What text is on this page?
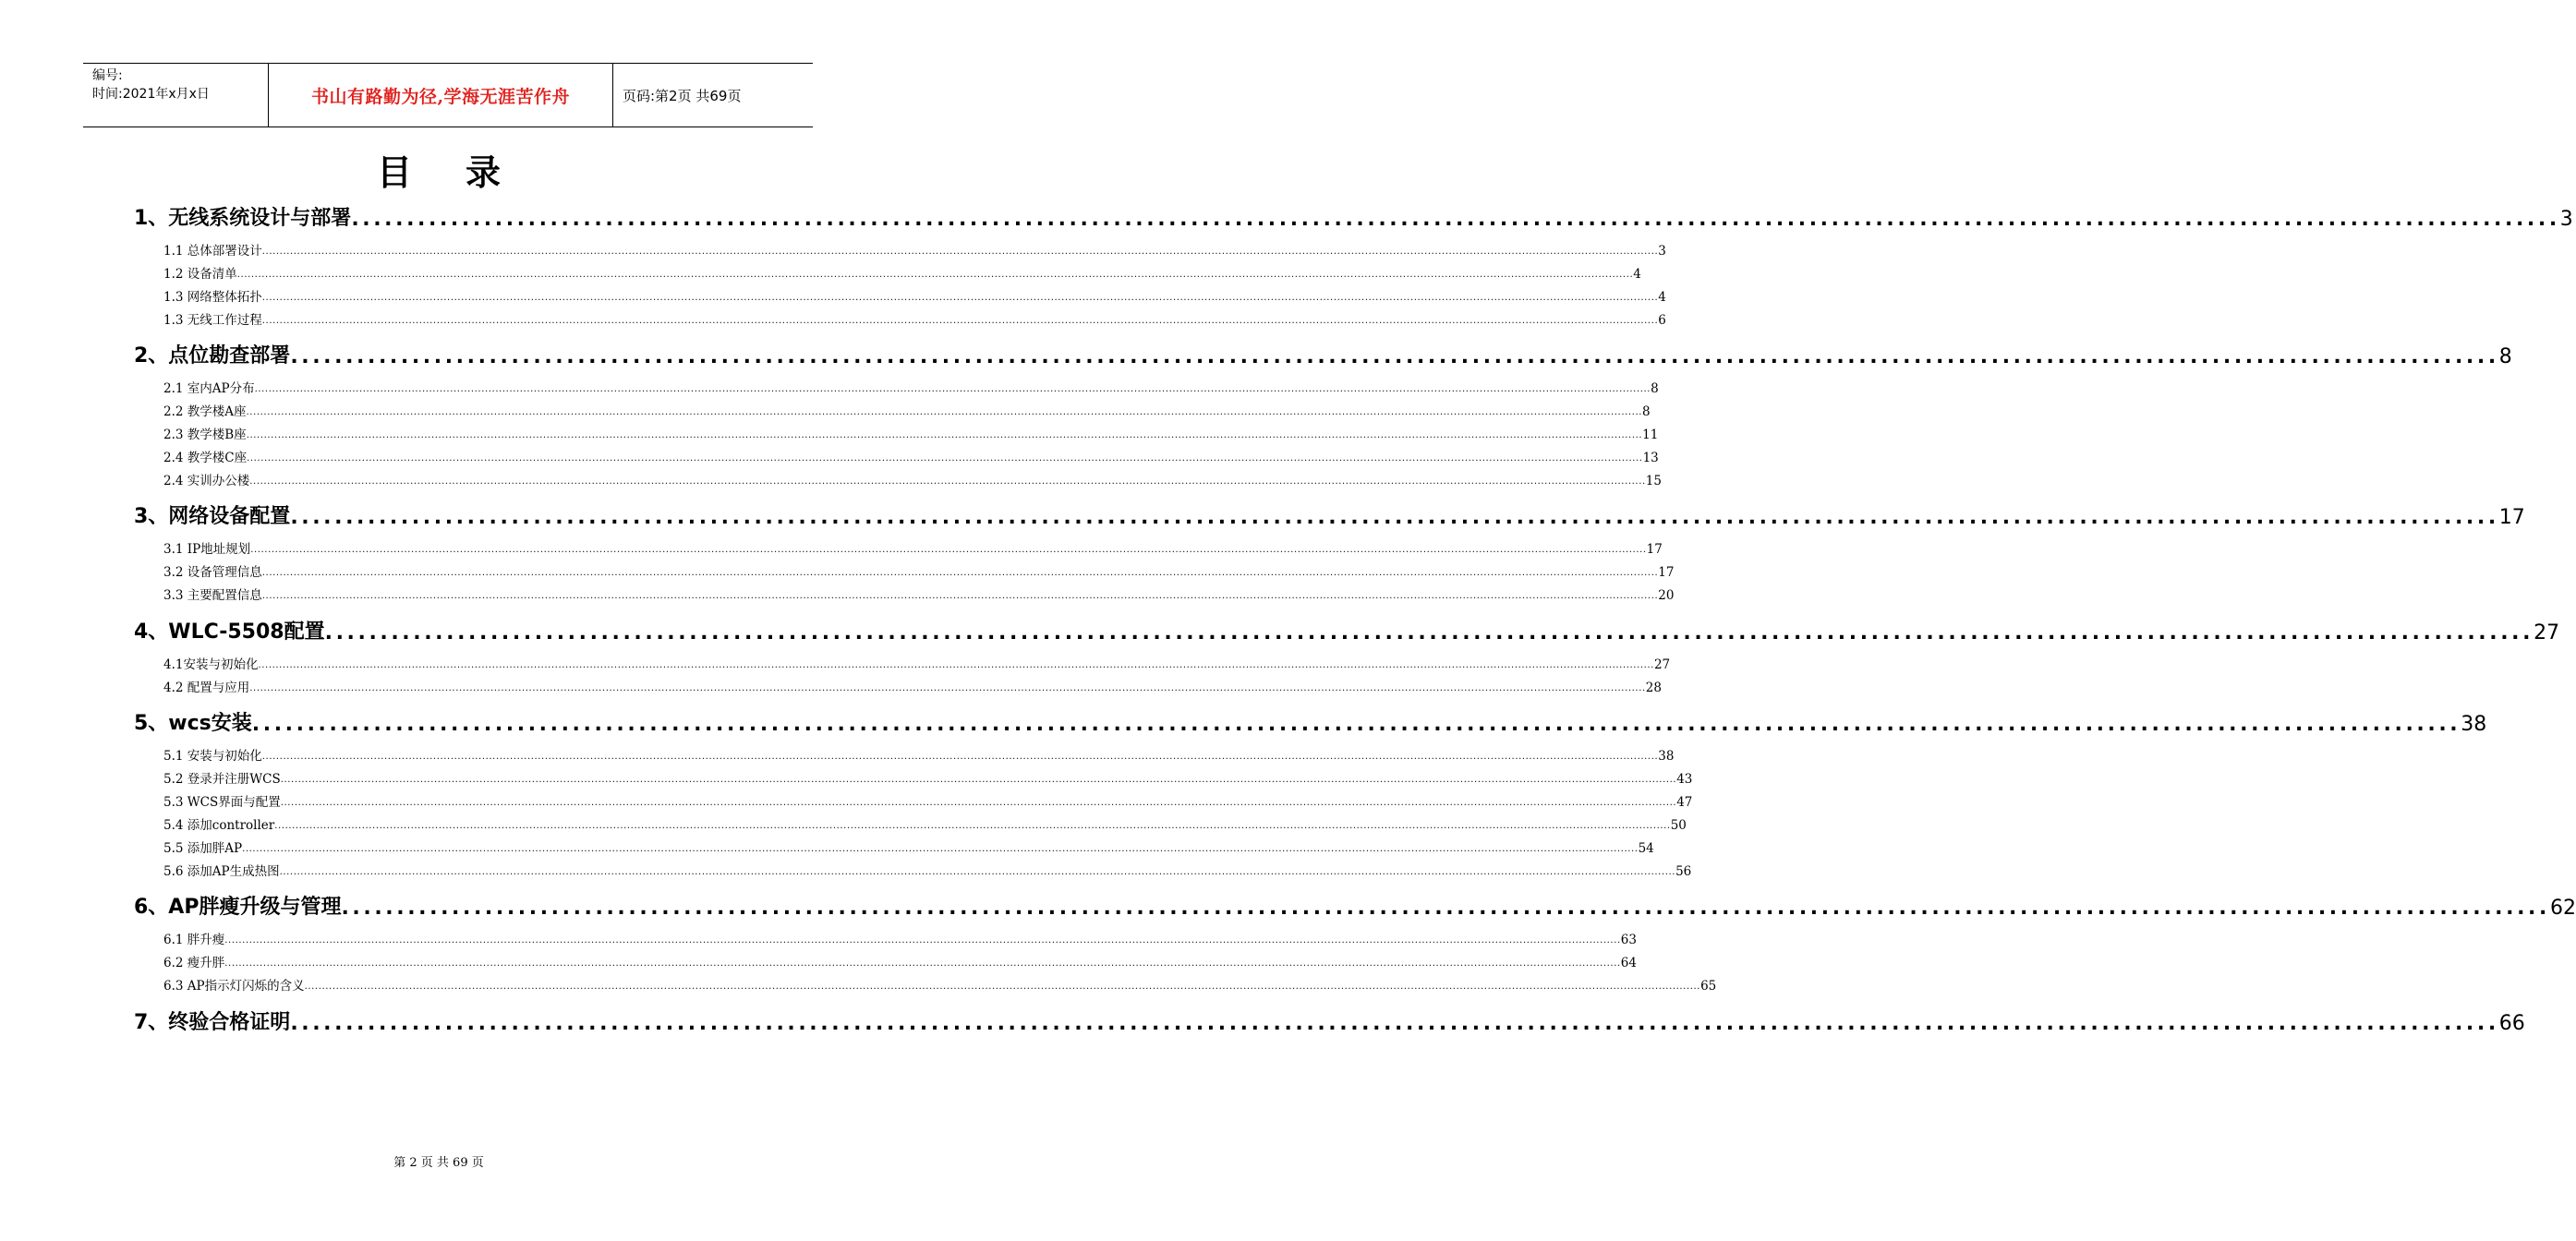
编号:
时间:2021年x月x日	书山有路勤为径,学海无涯苦作舟	页码:第2页 共69页
目 录
1、无线系统设计与部署 ........................................................................................................................................................................................................ 3
1.1 总体部署设计 ................................................................................................................................................................................................................................................................................................................................................................................................................ 3
1.2 设备清单 ................................................................................................................................................................................................................................................................................................................................................................................................................ 4
1.3 网络整体拓扑 ................................................................................................................................................................................................................................................................................................................................................................................................................ 4
1.3 无线工作过程 ................................................................................................................................................................................................................................................................................................................................................................................................................ 6
2、点位勘查部署 ........................................................................................................................................................................................................ 8
2.1 室内AP分布 ................................................................................................................................................................................................................................................................................................................................................................................................................ 8
2.2 教学楼A座 ................................................................................................................................................................................................................................................................................................................................................................................................................ 8
2.3 教学楼B座 ................................................................................................................................................................................................................................................................................................................................................................................................................ 11
2.4 教学楼C座 ................................................................................................................................................................................................................................................................................................................................................................................................................ 13
2.4 实训办公楼 ................................................................................................................................................................................................................................................................................................................................................................................................................ 15
3、网络设备配置 ........................................................................................................................................................................................................ 17
3.1 IP地址规划 ................................................................................................................................................................................................................................................................................................................................................................................................................ 17
3.2 设备管理信息 ................................................................................................................................................................................................................................................................................................................................................................................................................ 17
3.3 主要配置信息 ................................................................................................................................................................................................................................................................................................................................................................................................................ 20
4、WLC-5508配置 ........................................................................................................................................................................................................ 27
4.1安装与初始化 ................................................................................................................................................................................................................................................................................................................................................................................................................ 27
4.2 配置与应用 ................................................................................................................................................................................................................................................................................................................................................................................................................ 28
5、wcs安装 ........................................................................................................................................................................................................ 38
5.1 安装与初始化 ................................................................................................................................................................................................................................................................................................................................................................................................................ 38
5.2 登录并注册WCS ................................................................................................................................................................................................................................................................................................................................................................................................................ 43
5.3 WCS界面与配置 ................................................................................................................................................................................................................................................................................................................................................................................................................ 47
5.4 添加controller ................................................................................................................................................................................................................................................................................................................................................................................................................ 50
5.5 添加胖AP ................................................................................................................................................................................................................................................................................................................................................................................................................ 54
5.6 添加AP生成热图 ................................................................................................................................................................................................................................................................................................................................................................................................................ 56
6、AP胖瘦升级与管理 ........................................................................................................................................................................................................ 62
6.1 胖升瘦 ................................................................................................................................................................................................................................................................................................................................................................................................................ 63
6.2 瘦升胖 ................................................................................................................................................................................................................................................................................................................................................................................................................ 64
6.3 AP指示灯闪烁的含义 ................................................................................................................................................................................................................................................................................................................................................................................................................ 65
7、终验合格证明 ........................................................................................................................................................................................................ 66
第 2 页 共 69 页
